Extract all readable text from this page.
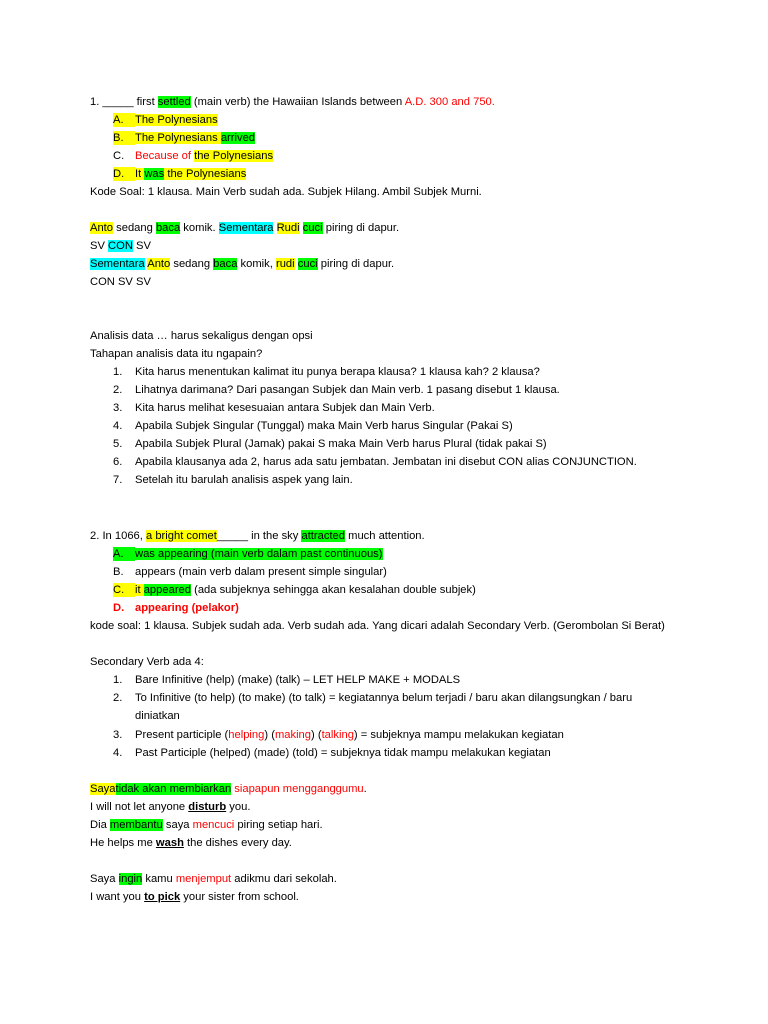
1. _____ first settled (main verb) the Hawaiian Islands between A.D. 300 and 750.
A. The Polynesians
B. The Polynesians arrived
C. Because of the Polynesians
D. It was the Polynesians
Kode Soal: 1 klausa. Main Verb sudah ada. Subjek Hilang. Ambil Subjek Murni.
Anto sedang baca komik. Sementara Rudi cuci piring di dapur.
SV CON SV
Sementara Anto sedang baca komik, rudi cuci piring di dapur.
CON SV SV
Analisis data … harus sekaligus dengan opsi
Tahapan analisis data itu ngapain?
1. Kita harus menentukan kalimat itu punya berapa klausa? 1 klausa kah? 2 klausa?
2. Lihatnya darimana? Dari pasangan Subjek dan Main verb. 1 pasang disebut 1 klausa.
3. Kita harus melihat kesesuaian antara Subjek dan Main Verb.
4. Apabila Subjek Singular (Tunggal) maka Main Verb harus Singular (Pakai S)
5. Apabila Subjek Plural (Jamak) pakai S maka Main Verb harus Plural (tidak pakai S)
6. Apabila klausanya ada 2, harus ada satu jembatan. Jembatan ini disebut CON alias CONJUNCTION.
7. Setelah itu barulah analisis aspek yang lain.
2. In 1066, a bright comet_____ in the sky attracted much attention.
A. was appearing (main verb dalam past continuous)
B. appears (main verb dalam present simple singular)
C. it appeared (ada subjeknya sehingga akan kesalahan double subjek)
D. appearing (pelakor)
kode soal: 1 klausa. Subjek sudah ada. Verb sudah ada. Yang dicari adalah Secondary Verb. (Gerombolan Si Berat)
Secondary Verb ada 4:
1. Bare Infinitive (help) (make) (talk) – LET HELP MAKE + MODALS
2. To Infinitive (to help) (to make) (to talk) = kegiatannya belum terjadi / baru akan dilangsungkan / baru
diniatkan
3. Present participle (helping) (making) (talking) = subjeknya mampu melakukan kegiatan
4. Past Participle (helped) (made) (told) = subjeknya tidak mampu melakukan kegiatan
Sayatidak akan membiarkan siapapun mengganggumu.
I will not let anyone disturb you.
Dia membantu saya mencuci piring setiap hari.
He helps me wash the dishes every day.
Saya ingin kamu menjemput adikmu dari sekolah.
I want you to pick your sister from school.
